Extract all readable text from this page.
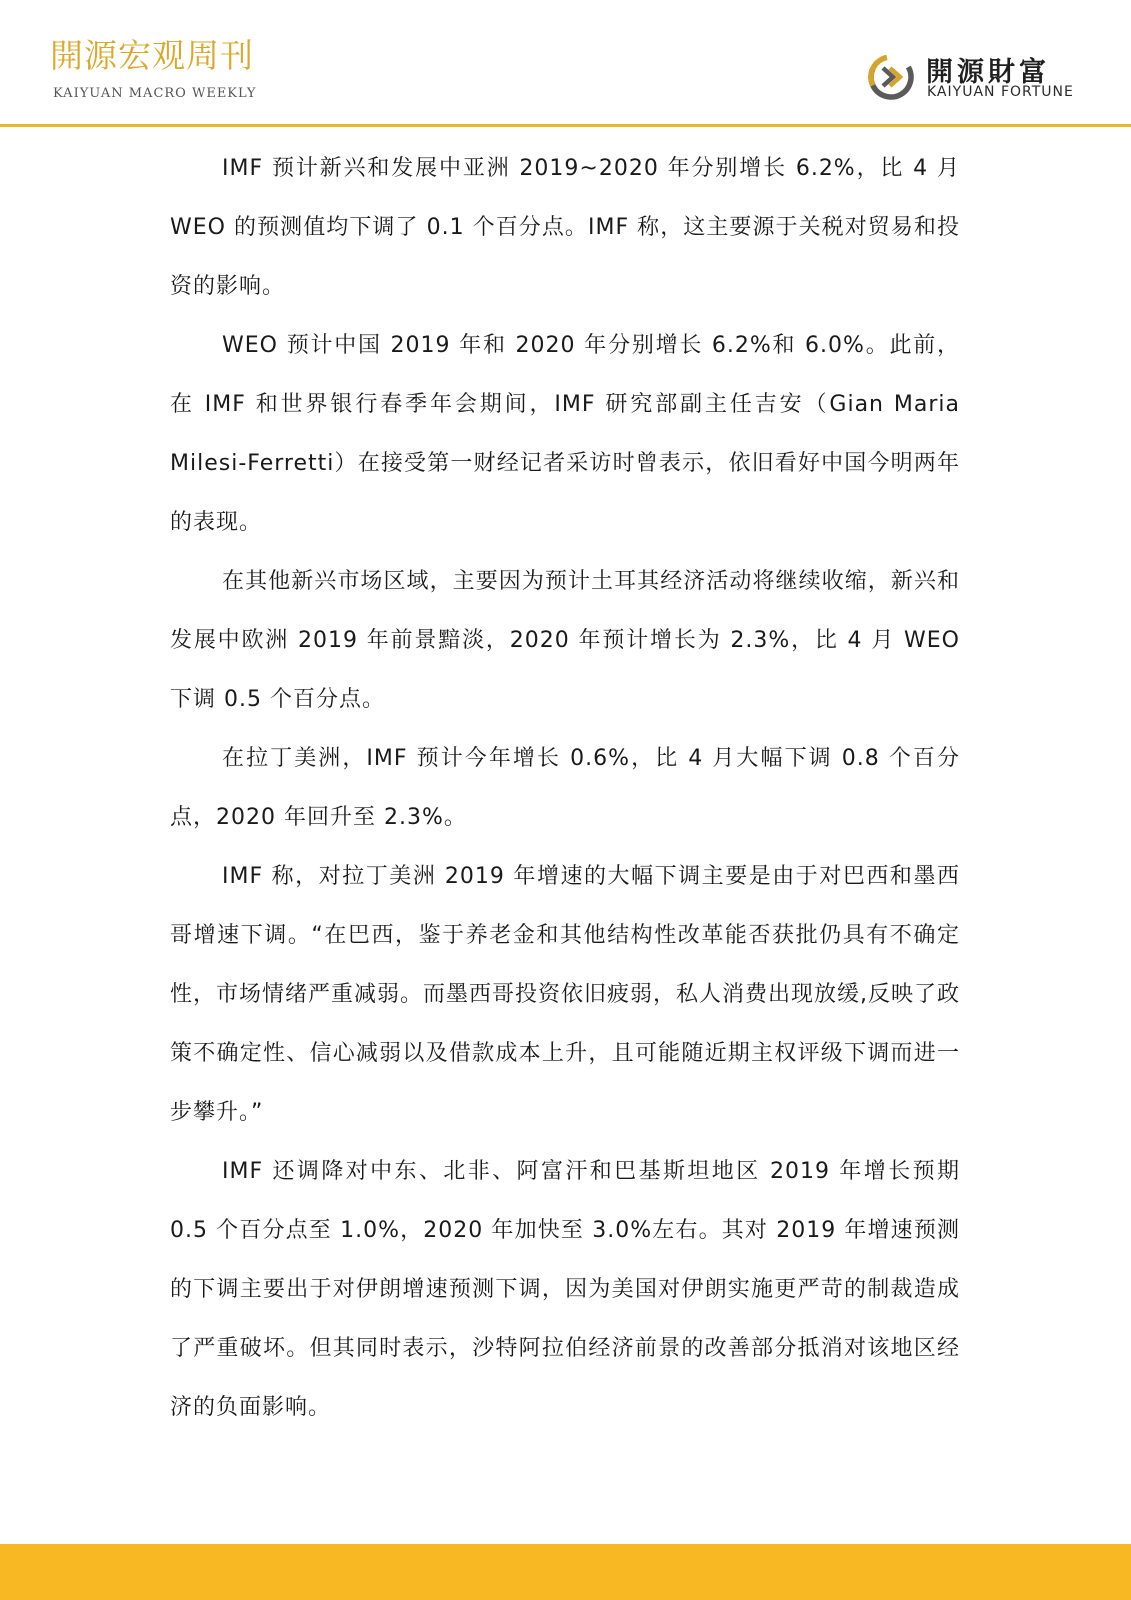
開源宏观周刊
KAIYUAN MACRO WEEKLY
開源財富
KAIYUAN FORTUNE

IMF 预计新兴和发展中亚洲 2019~2020 年分别增长 6.2%，比 4 月 WEO 的预测值均下调了 0.1 个百分点。IMF 称，这主要源于关税对贸易和投资的影响。

WEO 预计中国 2019 年和 2020 年分别增长 6.2%和 6.0%。此前，在 IMF 和世界银行春季年会期间，IMF 研究部副主任吉安（Gian Maria Milesi-Ferretti）在接受第一财经记者采访时曾表示，依旧看好中国今明两年的表现。

在其他新兴市场区域，主要因为预计土耳其经济活动将继续收缩，新兴和发展中欧洲 2019 年前景黯淡，2020 年预计增长为 2.3%，比 4 月 WEO 下调 0.5 个百分点。

在拉丁美洲，IMF 预计今年增长 0.6%，比 4 月大幅下调 0.8 个百分点，2020 年回升至 2.3%。

IMF 称，对拉丁美洲 2019 年增速的大幅下调主要是由于对巴西和墨西哥增速下调。“在巴西，鉴于养老金和其他结构性改革能否获批仍具有不确定性，市场情绪严重减弱。而墨西哥投资依旧疲弱，私人消费出现放缓,反映了政策不确定性、信心减弱以及借款成本上升，且可能随近期主权评级下调而进一步攀升。”

IMF 还调降对中东、北非、阿富汗和巴基斯坦地区 2019 年增长预期 0.5 个百分点至 1.0%，2020 年加快至 3.0%左右。其对 2019 年增速预测的下调主要出于对伊朗增速预测下调，因为美国对伊朗实施更严苛的制裁造成了严重破坏。但其同时表示，沙特阿拉伯经济前景的改善部分抵消对该地区经济的负面影响。
